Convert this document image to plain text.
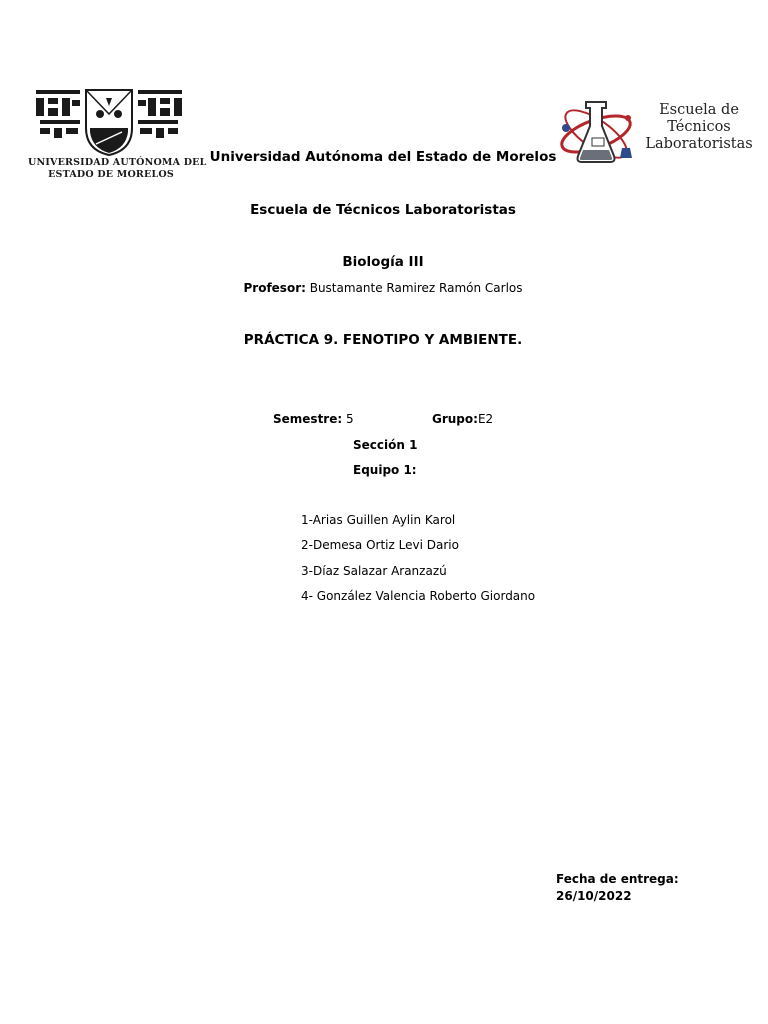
UNIVERSIDAD AUTÓNOMA DEL
ESTADO DE MORELOS
Escuela de
Técnicos
Laboratoristas
Universidad Autónoma del Estado de Morelos
Escuela de Técnicos Laboratoristas
Biología III
Profesor: Bustamante Ramirez Ramón Carlos
PRÁCTICA 9. FENOTIPO Y AMBIENTE.
Semestre: 5	Grupo:E2
Sección 1
Equipo 1:
1-Arias Guillen Aylin Karol
2-Demesa Ortiz Levi Dario
3-Díaz Salazar Aranzazú
4- González Valencia Roberto Giordano
Fecha de entrega:
26/10/2022
